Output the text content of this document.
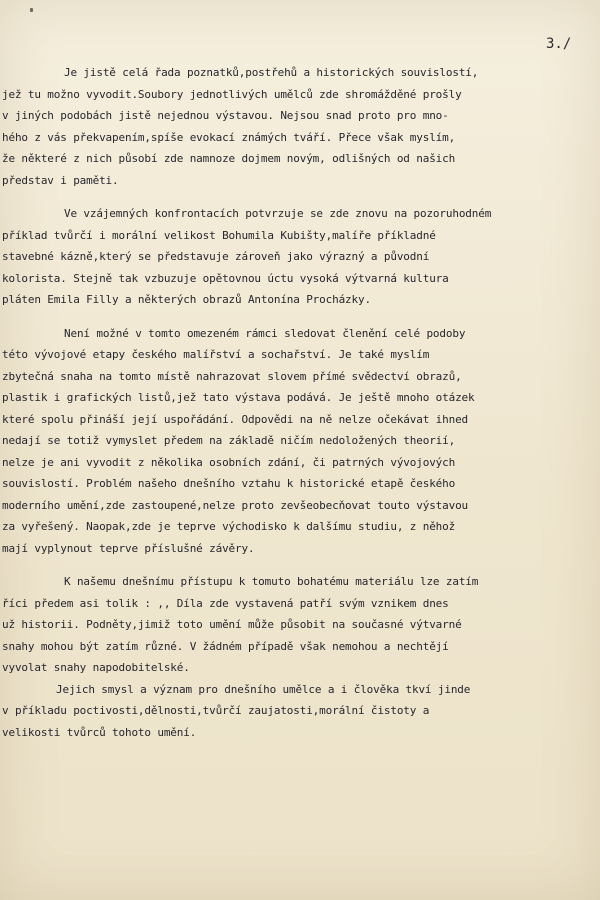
3./
Je jistě celá řada poznatků,postřehů a historických souvislostí,
jež tu možno vyvodit.Soubory jednotlivých umělců zde shromážděné prošly
v jiných podobách jistě nejednou výstavou. Nejsou snad proto pro mno-
hého z vás překvapením,spíše evokací známých tváří. Přece však myslím,
že některé z nich působí zde namnoze dojmem novým, odlišných od našich
představ i paměti.
Ve vzájemných konfrontacích potvrzuje se zde znovu na pozoruhodném
příklad tvůrčí i morální velikost Bohumila Kubišty,malíře příkladné
stavebné kázně,který se představuje zároveň jako výrazný a původní
kolorista. Stejně tak vzbuzuje opětovnou úctu vysoká výtvarná kultura
pláten Emila Filly a některých obrazů Antonína Procházky.
Není možné v tomto omezeném rámci sledovat členění celé podoby
této vývojové etapy českého malířství a sochařství. Je také myslím
zbytečná snaha na tomto místě nahrazovat slovem přímé svědectví obrazů,
plastik i grafických listů,jež tato výstava podává. Je ještě mnoho otázek
které spolu přináší její uspořádání. Odpovědi na ně nelze očekávat ihned
nedají se totiž vymyslet předem na základě ničím nedoložených theorií,
nelze je ani vyvodit z několika osobních zdání, či patrných vývojových
souvislostí. Problém našeho dnešního vztahu k historické etapě českého
moderního umění,zde zastoupené,nelze proto zevšeobecňovat touto výstavou
za vyřešený. Naopak,zde je teprve východisko k dalšímu studiu, z něhož
mají vyplynout teprve příslušné závěry.
K našemu dnešnímu přístupu k tomuto bohatému materiálu lze zatím
říci předem asi tolik : ,, Díla zde vystavená patří svým vznikem dnes
už historii. Podněty,jimiž toto umění může působit na současné výtvarné
snahy mohou být zatím různé. V žádném případě však nemohou a nechtějí
vyvolat snahy napodobitelské.
Jejich smysl a význam pro dnešního umělce a i člověka tkví jinde
v příkladu poctivosti,dělnosti,tvůrčí zaujatosti,morální čistoty a
velikosti tvůrců tohoto umění.
